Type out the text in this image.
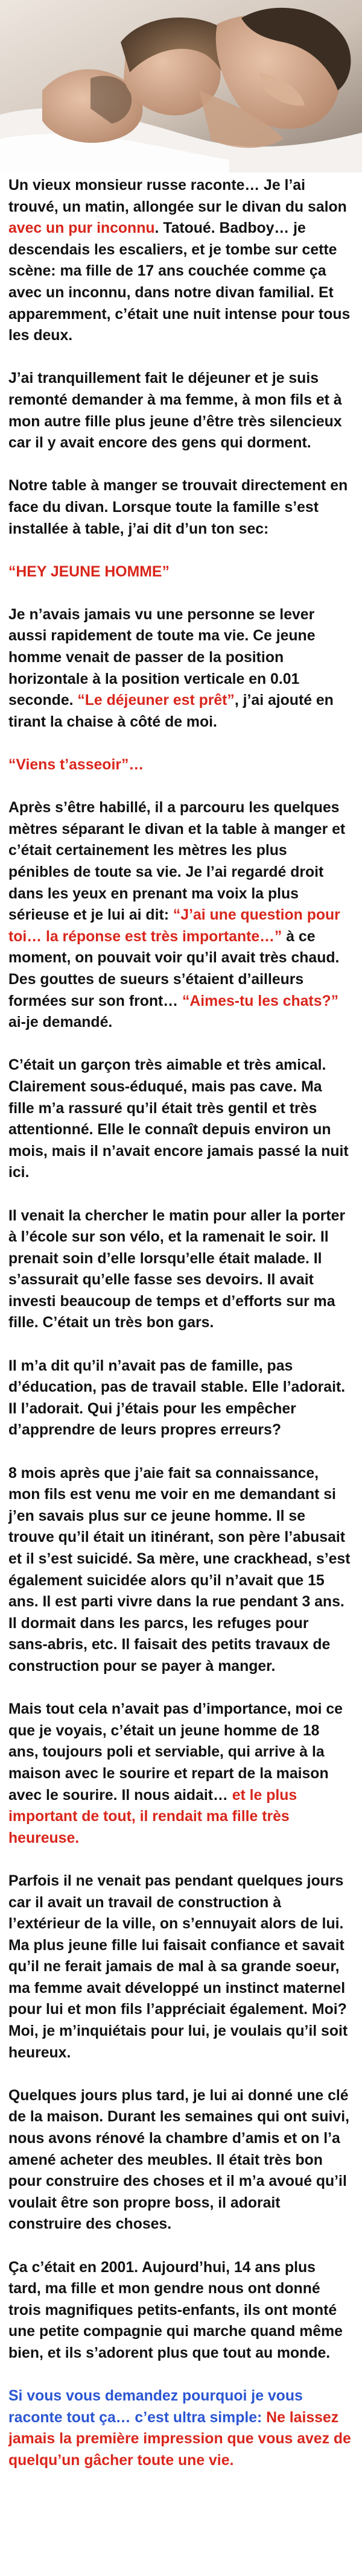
Un vieux monsieur russe raconte… Je l’ai trouvé, un matin, allongée sur le divan du salon avec un pur inconnu. Tatoué. Badboy… je descendais les escaliers, et je tombe sur cette scène: ma fille de 17 ans couchée comme ça avec un inconnu, dans notre divan familial. Et apparemment, c’était une nuit intense pour tous les deux.

J’ai tranquillement fait le déjeuner et je suis remonté demander à ma femme, à mon fils et à mon autre fille plus jeune d’être très silencieux car il y avait encore des gens qui dorment.

Notre table à manger se trouvait directement en face du divan. Lorsque toute la famille s’est installée à table, j’ai dit d’un ton sec:

“HEY JEUNE HOMME”

Je n’avais jamais vu une personne se lever aussi rapidement de toute ma vie. Ce jeune homme venait de passer de la position horizontale à la position verticale en 0.01 seconde. “Le déjeuner est prêt”, j’ai ajouté en tirant la chaise à côté de moi.

“Viens t’asseoir”…

Après s’être habillé, il a parcouru les quelques mètres séparant le divan et la table à manger et c’était certainement les mètres les plus pénibles de toute sa vie. Je l’ai regardé droit dans les yeux en prenant ma voix la plus sérieuse et je lui ai dit: “J’ai une question pour toi… la réponse est très importante…” à ce moment, on pouvait voir qu’il avait très chaud. Des gouttes de sueurs s’étaient d’ailleurs formées sur son front… “Aimes-tu les chats?” ai-je demandé.

C’était un garçon très aimable et très amical. Clairement sous-éduqué, mais pas cave. Ma fille m’a rassuré qu’il était très gentil et très attentionné. Elle le connaît depuis environ un mois, mais il n’avait encore jamais passé la nuit ici.

Il venait la chercher le matin pour aller la porter à l’école sur son vélo, et la ramenait le soir. Il prenait soin d’elle lorsqu’elle était malade. Il s’assurait qu’elle fasse ses devoirs. Il avait investi beaucoup de temps et d’efforts sur ma fille. C’était un très bon gars.

Il m’a dit qu’il n’avait pas de famille, pas d’éducation, pas de travail stable. Elle l’adorait. Il l’adorait. Qui j’étais pour les empêcher d’apprendre de leurs propres erreurs?

8 mois après que j’aie fait sa connaissance, mon fils est venu me voir en me demandant si j’en savais plus sur ce jeune homme. Il se trouve qu’il était un itinérant, son père l’abusait et il s’est suicidé. Sa mère, une crackhead, s’est également suicidée alors qu’il n’avait que 15 ans. Il est parti vivre dans la rue pendant 3 ans. Il dormait dans les parcs, les refuges pour sans-abris, etc. Il faisait des petits travaux de construction pour se payer à manger.

Mais tout cela n’avait pas d’importance, moi ce que je voyais, c’était un jeune homme de 18 ans, toujours poli et serviable, qui arrive à la maison avec le sourire et repart de la maison avec le sourire. Il nous aidait… et le plus important de tout, il rendait ma fille très heureuse.

Parfois il ne venait pas pendant quelques jours car il avait un travail de construction à l’extérieur de la ville, on s’ennuyait alors de lui. Ma plus jeune fille lui faisait confiance et savait qu’il ne ferait jamais de mal à sa grande soeur, ma femme avait développé un instinct maternel pour lui et mon fils l’appréciait également. Moi? Moi, je m’inquiétais pour lui, je voulais qu’il soit heureux.

Quelques jours plus tard, je lui ai donné une clé de la maison. Durant les semaines qui ont suivi, nous avons rénové la chambre d’amis et on l’a amené acheter des meubles. Il était très bon pour construire des choses et il m’a avoué qu’il voulait être son propre boss, il adorait construire des choses.

Ça c’était en 2001. Aujourd’hui, 14 ans plus tard, ma fille et mon gendre nous ont donné trois magnifiques petits-enfants, ils ont monté une petite compagnie qui marche quand même bien, et ils s’adorent plus que tout au monde.

Si vous vous demandez pourquoi je vous raconte tout ça… c’est ultra simple: Ne laissez jamais la première impression que vous avez de quelqu’un gâcher toute une vie.
